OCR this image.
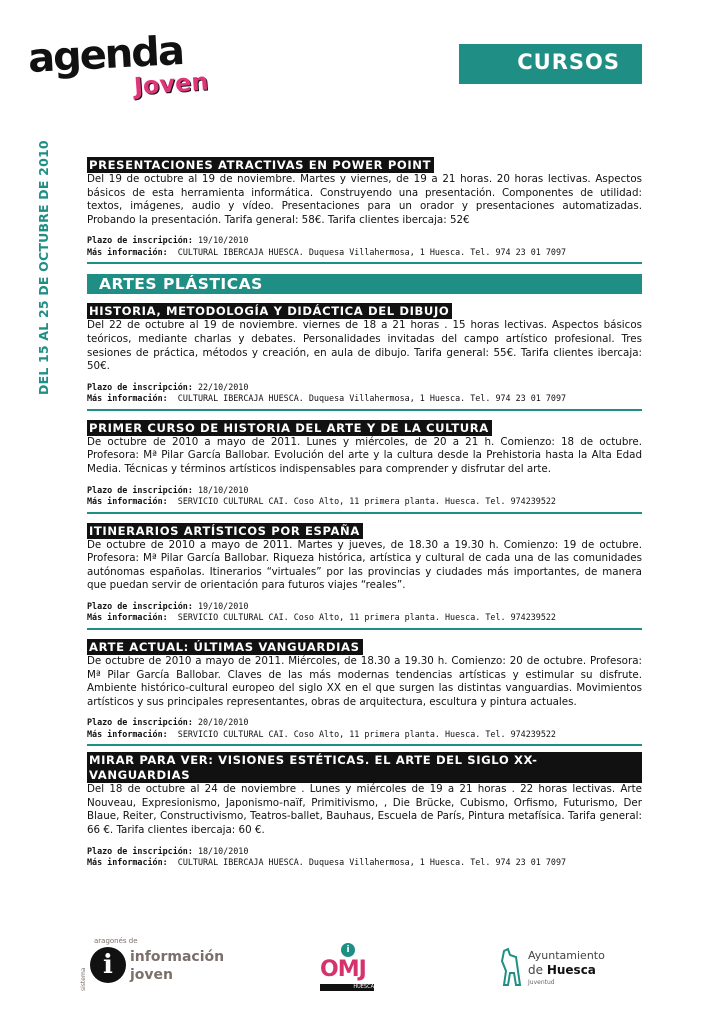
agenda
Joven
CURSOS
DEL 15 AL 25 DE OCTUBRE DE 2010	PRESENTACIONES ATRACTIVAS EN POWER POINT

Del 19 de octubre al 19 de noviembre. Martes y viernes, de 19 a 21 horas. 20 horas lectivas. Aspectos básicos de esta herramienta informática. Construyendo una presentación. Componentes de utilidad: textos, imágenes, audio y vídeo. Presentaciones para un orador y presentaciones automatizadas. Probando la presentación. Tarifa general: 58€. Tarifa clientes ibercaja: 52€

Plazo de inscripción: 19/10/2010
Más información: CULTURAL IBERCAJA HUESCA. Duquesa Villahermosa, 1 Huesca. Tel. 974 23 01 7097
ARTES PLÁSTICAS
HISTORIA, METODOLOGÍA Y DIDÁCTICA DEL DIBUJO

Del 22 de octubre al 19 de noviembre. viernes de 18 a 21 horas . 15 horas lectivas. Aspectos básicos teóricos, mediante charlas y debates. Personalidades invitadas del campo artístico profesional. Tres sesiones de práctica, métodos y creación, en aula de dibujo. Tarifa general: 55€. Tarifa clientes ibercaja: 50€.

Plazo de inscripción: 22/10/2010
Más información: CULTURAL IBERCAJA HUESCA. Duquesa Villahermosa, 1 Huesca. Tel. 974 23 01 7097
PRIMER CURSO DE HISTORIA DEL ARTE Y DE LA CULTURA

De octubre de 2010 a mayo de 2011. Lunes y miércoles, de 20 a 21 h. Comienzo: 18 de octubre. Profesora: Mª Pilar García Ballobar. Evolución del arte y la cultura desde la Prehistoria hasta la Alta Edad Media. Técnicas y términos artísticos indispensables para comprender y disfrutar del arte.

Plazo de inscripción: 18/10/2010
Más información: SERVICIO CULTURAL CAI. Coso Alto, 11 primera planta. Huesca. Tel. 974239522
ITINERARIOS ARTÍSTICOS POR ESPAÑA

De octubre de 2010 a mayo de 2011. Martes y jueves, de 18.30 a 19.30 h. Comienzo: 19 de octubre. Profesora: Mª Pilar García Ballobar. Riqueza histórica, artística y cultural de cada una de las comunidades autónomas españolas. Itinerarios “virtuales” por las provincias y ciudades más importantes, de manera que puedan servir de orientación para futuros viajes “reales”.

Plazo de inscripción: 19/10/2010
Más información: SERVICIO CULTURAL CAI. Coso Alto, 11 primera planta. Huesca. Tel. 974239522
ARTE ACTUAL: ÚLTIMAS VANGUARDIAS

De octubre de 2010 a mayo de 2011. Miércoles, de 18.30 a 19.30 h. Comienzo: 20 de octubre. Profesora: Mª Pilar García Ballobar. Claves de las más modernas tendencias artísticas y estimular su disfrute. Ambiente histórico-cultural europeo del siglo XX en el que surgen las distintas vanguardias. Movimientos artísticos y sus principales representantes, obras de arquitectura, escultura y pintura actuales.

Plazo de inscripción: 20/10/2010
Más información: SERVICIO CULTURAL CAI. Coso Alto, 11 primera planta. Huesca. Tel. 974239522
MIRAR PARA VER: VISIONES ESTÉTICAS. EL ARTE DEL SIGLO XX- VANGUARDIAS

Del 18 de octubre al 24 de noviembre . Lunes y miércoles de 19 a 21 horas . 22 horas lectivas. Arte Nouveau, Expresionismo, Japonismo-naïf, Primitivismo, , Die Brücke, Cubismo, Orfismo, Futurismo, Der Blaue, Reiter, Constructivismo, Teatros-ballet, Bauhaus, Escuela de París, Pintura metafísica. Tarifa general: 66 €. Tarifa clientes ibercaja: 60 €.

Plazo de inscripción: 18/10/2010
Más información: CULTURAL IBERCAJA HUESCA. Duquesa Villahermosa, 1 Huesca. Tel. 974 23 01 7097
sistema
aragonés de
i	información
joven
i
OMJ
HUESCA
Ayuntamiento
de Huesca
Juventud
